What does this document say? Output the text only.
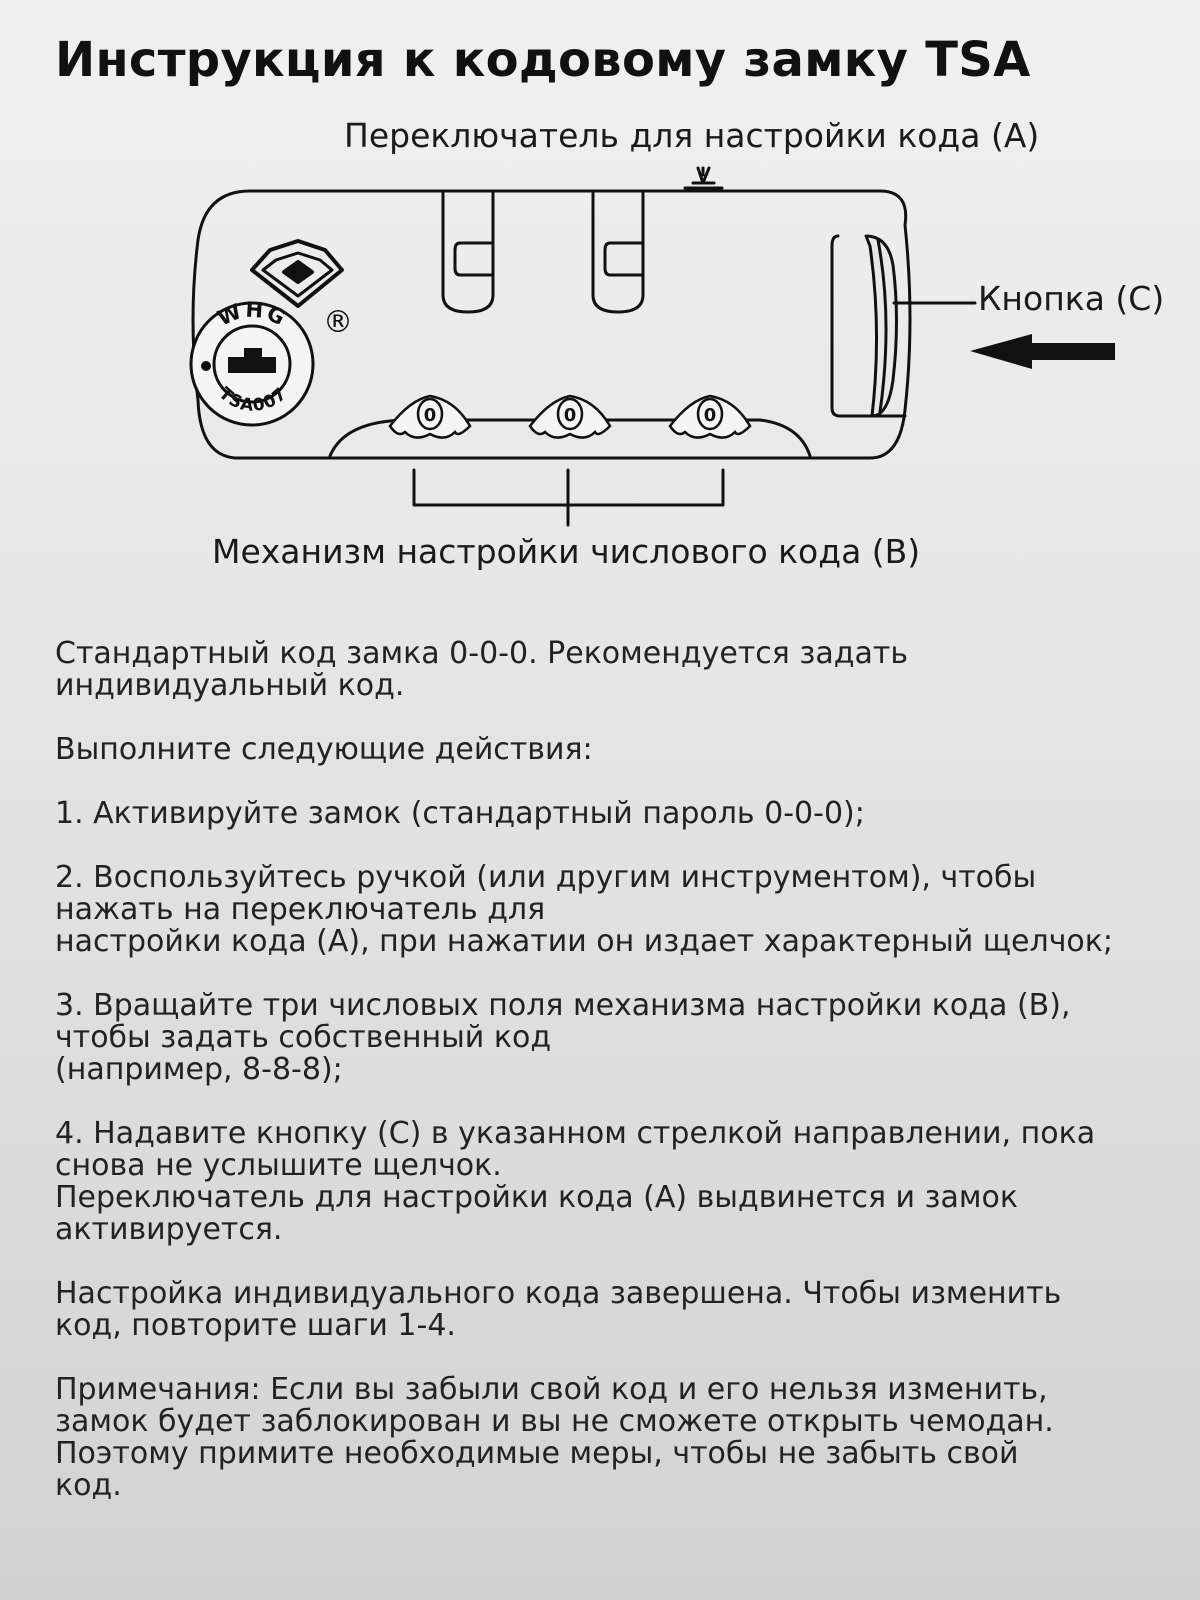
Инструкция к кодовому замку TSA
0	0	0
®
WHG
TSA007
Переключатель для настройки кода (A)
Кнопка (C)
Механизм настройки числового кода (B)

Стандартный код замка 0-0-0. Рекомендуется задать
индивидуальный код.

Выполните следующие действия:

1. Активируйте замок (стандартный пароль 0-0-0);

2. Воспользуйтесь ручкой (или другим инструментом), чтобы
нажать на переключатель для
настройки кода (A), при нажатии он издает характерный щелчок;

3. Вращайте три числовых поля механизма настройки кода (B),
чтобы задать собственный код
(например, 8-8-8);

4. Надавите кнопку (C) в указанном стрелкой направлении, пока
снова не услышите щелчок.
Переключатель для настройки кода (A) выдвинется и замок
активируется.

Настройка индивидуального кода завершена. Чтобы изменить
код, повторите шаги 1-4.

Примечания: Если вы забыли свой код и его нельзя изменить,
замок будет заблокирован и вы не сможете открыть чемодан.
Поэтому примите необходимые меры, чтобы не забыть свой
код.
